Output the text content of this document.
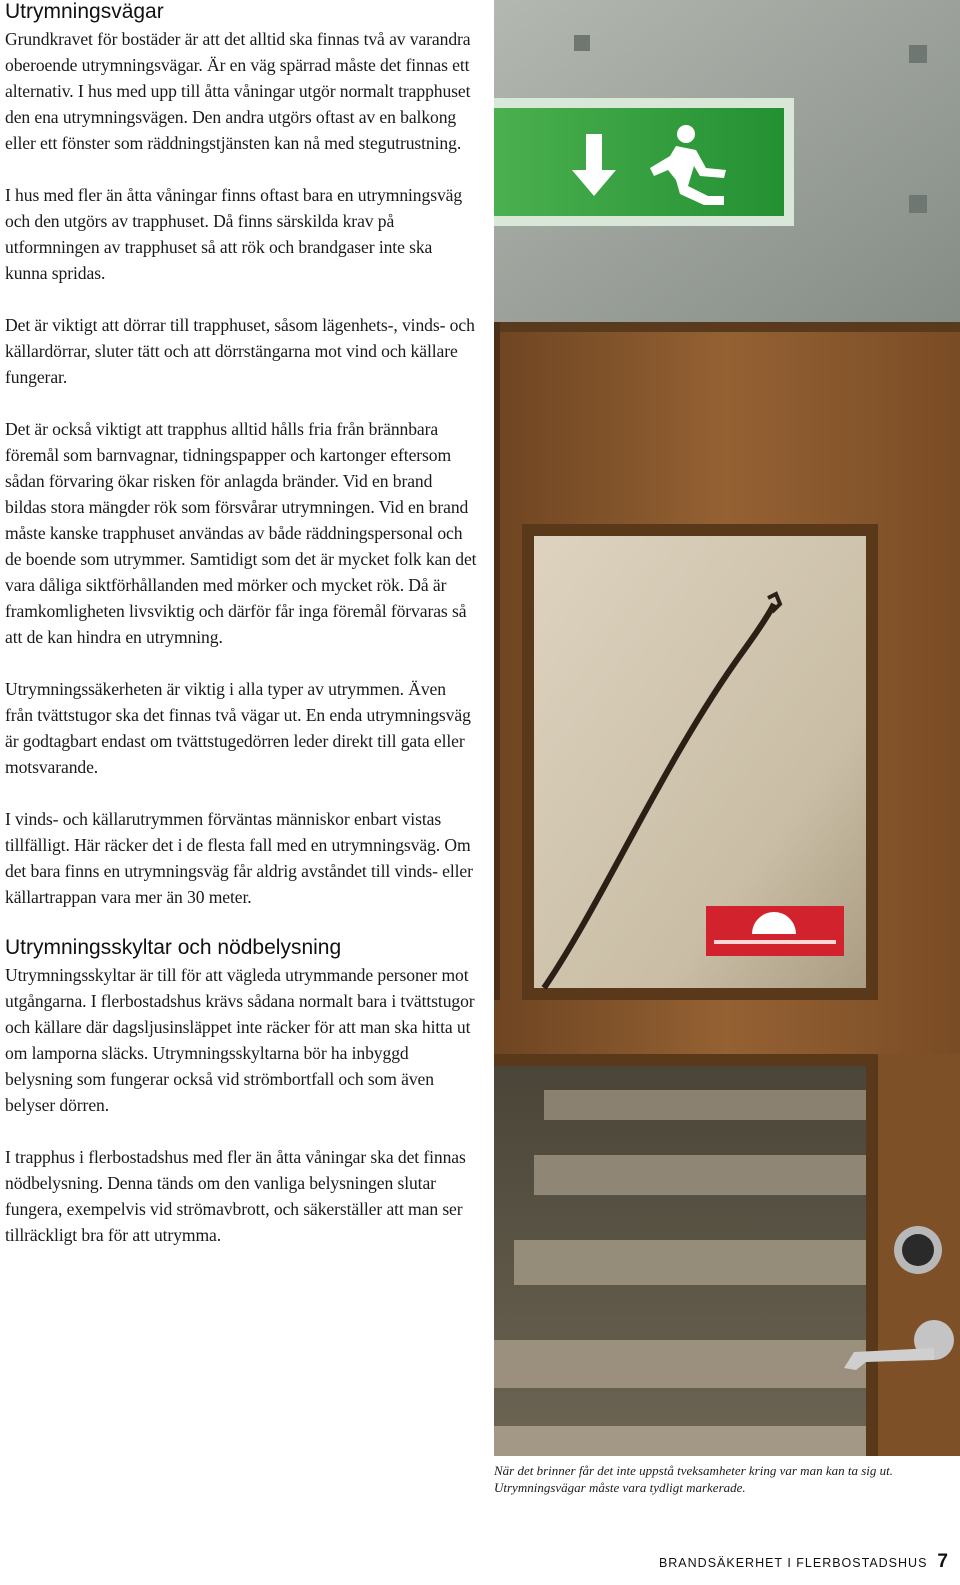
Utrymningsvägar

Grundkravet för bostäder är att det alltid ska finnas två av varandra oberoende utrymningsvägar. Är en väg spärrad måste det finnas ett alternativ. I hus med upp till åtta våningar utgör normalt trapphuset den ena utrymningsvägen. Den andra utgörs oftast av en balkong eller ett fönster som räddningstjänsten kan nå med stegutrustning.

I hus med fler än åtta våningar finns oftast bara en utrymningsväg och den utgörs av trapphuset. Då finns särskilda krav på utformningen av trapphuset så att rök och brandgaser inte ska kunna spridas.

Det är viktigt att dörrar till trapphuset, såsom lägenhets-, vinds- och källardörrar, sluter tätt och att dörrstängarna mot vind och källare fungerar.

Det är också viktigt att trapphus alltid hålls fria från brännbara föremål som barnvagnar, tidningspapper och kartonger eftersom sådan förvaring ökar risken för anlagda bränder. Vid en brand bildas stora mängder rök som försvårar utrymningen. Vid en brand måste kanske trapphuset användas av både räddningspersonal och de boende som utrymmer. Samtidigt som det är mycket folk kan det vara dåliga siktförhållanden med mörker och mycket rök. Då är framkomligheten livsviktig och därför får inga föremål förvaras så att de kan hindra en utrymning.

Utrymningssäkerheten är viktig i alla typer av utrymmen. Även från tvättstugor ska det finnas två vägar ut. En enda utrymningsväg är godtagbart endast om tvättstugedörren leder direkt till gata eller motsvarande.

I vinds- och källarutrymmen förväntas människor enbart vistas tillfälligt. Här räcker det i de flesta fall med en utrymningsväg. Om det bara finns en utrymningsväg får aldrig avståndet till vinds- eller källartrappan vara mer än 30 meter.

Utrymningsskyltar och nödbelysning

Utrymningsskyltar är till för att vägleda utrymmande personer mot utgångarna. I flerbostadshus krävs sådana normalt bara i tvättstugor och källare där dagsljusinsläppet inte räcker för att man ska hitta ut om lamporna släcks. Utrymningsskyltarna bör ha inbyggd belysning som fungerar också vid strömbortfall och som även belyser dörren.

I trapphus i flerbostadshus med fler än åtta våningar ska det finnas nödbelysning. Denna tänds om den vanliga belysningen slutar fungera, exempelvis vid strömavbrott, och säkerställer att man ser tillräckligt bra för att utrymma.

När det brinner får det inte uppstå tveksamheter kring var man kan ta sig ut. Utrymningsvägar måste vara tydligt markerade.

BRANDSÄKERHET I FLERBOSTADSHUS 7
